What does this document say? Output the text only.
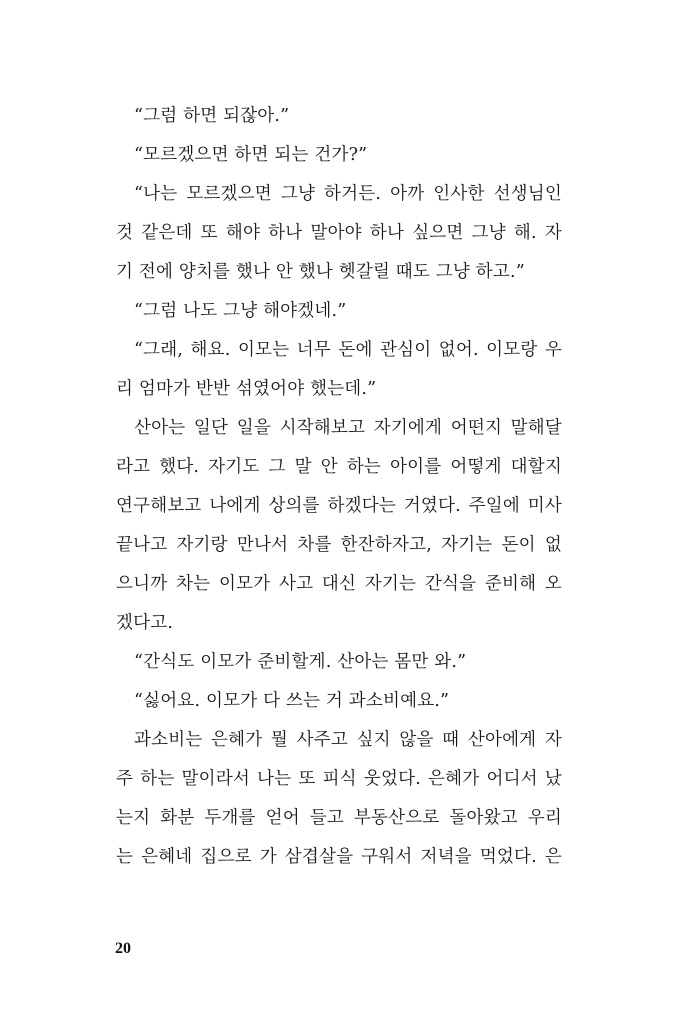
“그럼 하면 되잖아.”
“모르겠으면 하면 되는 건가?”
“나는 모르겠으면 그냥 하거든. 아까 인사한 선생님인
것 같은데 또 해야 하나 말아야 하나 싶으면 그냥 해. 자
기 전에 양치를 했나 안 했나 헷갈릴 때도 그냥 하고.”
“그럼 나도 그냥 해야겠네.”
“그래, 해요. 이모는 너무 돈에 관심이 없어. 이모랑 우
리 엄마가 반반 섞였어야 했는데.”
산아는 일단 일을 시작해보고 자기에게 어떤지 말해달
라고 했다. 자기도 그 말 안 하는 아이를 어떻게 대할지
연구해보고 나에게 상의를 하겠다는 거였다. 주일에 미사
끝나고 자기랑 만나서 차를 한잔하자고, 자기는 돈이 없
으니까 차는 이모가 사고 대신 자기는 간식을 준비해 오
겠다고.
“간식도 이모가 준비할게. 산아는 몸만 와.”
“싫어요. 이모가 다 쓰는 거 과소비예요.”
과소비는 은혜가 뭘 사주고 싶지 않을 때 산아에게 자
주 하는 말이라서 나는 또 피식 웃었다. 은혜가 어디서 났
는지 화분 두개를 얻어 들고 부동산으로 돌아왔고 우리
는 은혜네 집으로 가 삼겹살을 구워서 저녁을 먹었다. 은
20
